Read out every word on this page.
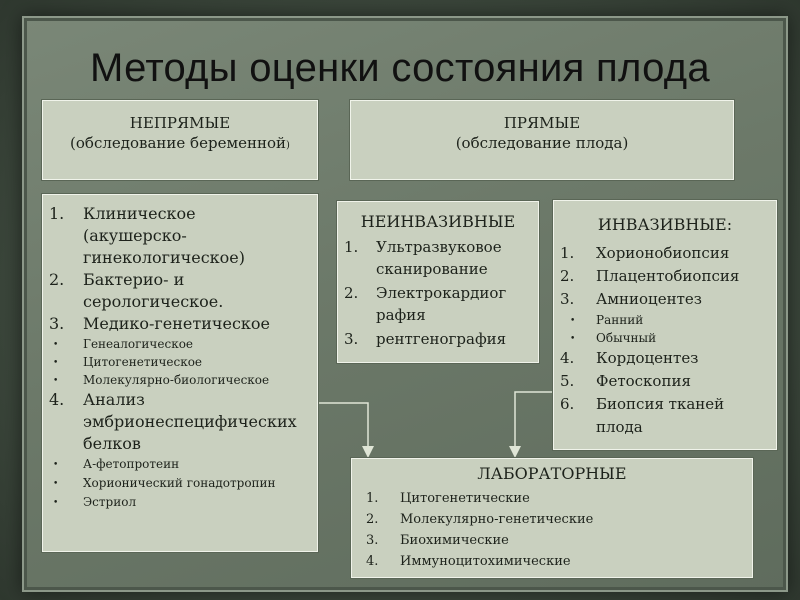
Методы оценки состояния плода
НЕПРЯМЫЕ
(обследование беременной)
ПРЯМЫЕ
(обследование плода)
1. Клиническое
(акушерско-
гинекологическое)
2. Бактерио- и
серологическое.
3. Медико-генетическое
• Генеалогическое
• Цитогенетическое
• Молекулярно-биологическое
4. Анализ
эмбрионеспецифических
белков
• А-фетопротеин
• Хорионический гонадотропин
• Эстриол
НЕИНВАЗИВНЫЕ
1. Ультразвуковое
сканирование
2. Электрокардиог
рафия
3. рентгенография
ИНВАЗИВНЫЕ:
1. Хорионобиопсия
2. Плацентобиопсия
3. Амниоцентез
• Ранний
• Обычный
4. Кордоцентез
5. Фетоскопия
6. Биопсия тканей
плода
ЛАБОРАТОРНЫЕ
1. Цитогенетические
2. Молекулярно-генетические
3. Биохимические
4. Иммуноцитохимические
